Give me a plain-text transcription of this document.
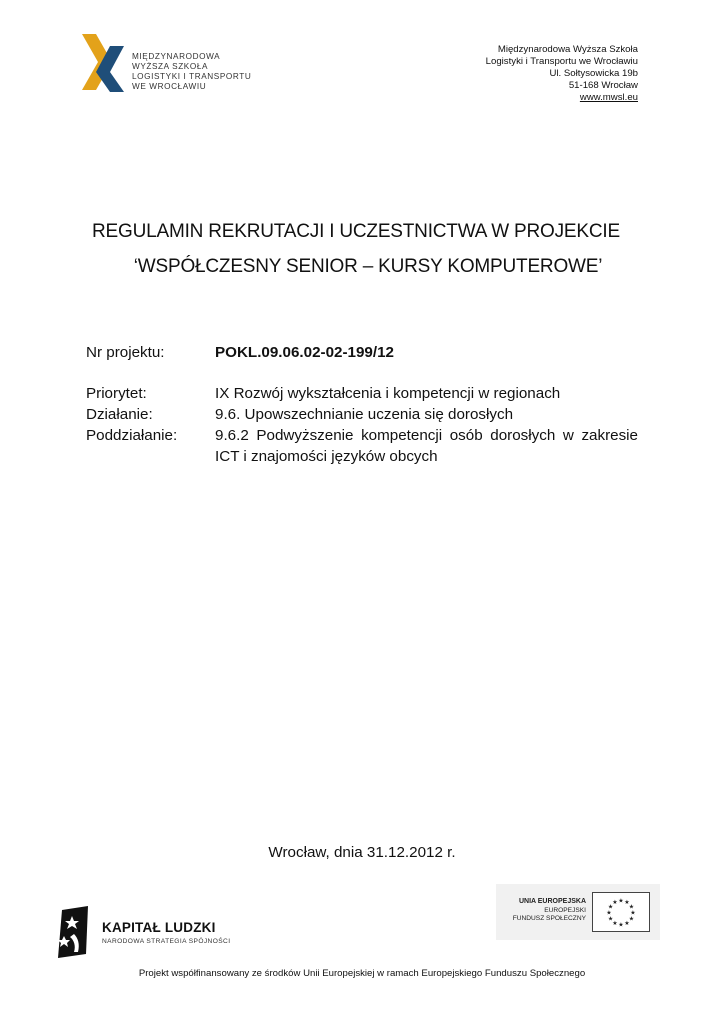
MIĘDZYNARODOWA
WYŻSZA SZKOŁA
LOGISTYKI I TRANSPORTU
WE WROCŁAWIU
Międzynarodowa Wyższa Szkoła
Logistyki i Transportu we Wrocławiu
Ul. Sołtysowicka 19b
51-168 Wrocław
www.mwsl.eu
REGULAMIN REKRUTACJI I UCZESTNICTWA W PROJEKCIE
‘WSPÓŁCZESNY SENIOR – KURSY KOMPUTEROWE’
Nr projektu:	POKL.09.06.02-02-199/12
Priorytet:	IX Rozwój wykształcenia i kompetencji w regionach
Działanie:	9.6. Upowszechnianie uczenia się dorosłych
Poddziałanie: 9.6.2 Podwyższenie kompetencji osób dorosłych w zakresie ICT i znajomości języków obcych
Wrocław, dnia 31.12.2012 r.
KAPITAŁ LUDZKI
NARODOWA STRATEGIA SPÓJNOŚCI
UNIA EUROPEJSKA
EUROPEJSKI
FUNDUSZ SPOŁECZNY
★ ★
★
★
★
★
★
★
★
★
★
★
Projekt współfinansowany ze środków Unii Europejskiej w ramach Europejskiego Funduszu Społecznego
